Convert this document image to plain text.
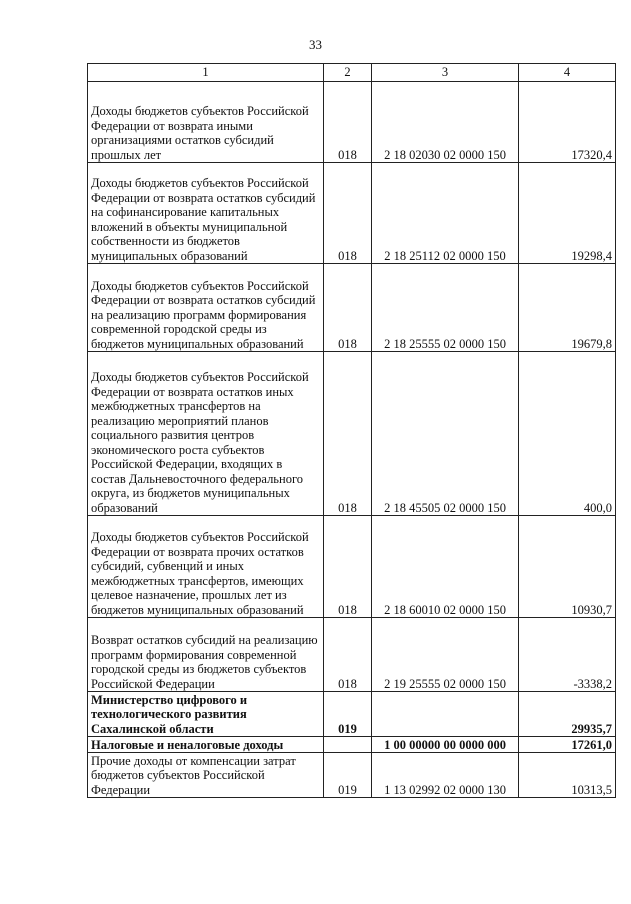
33
1	2	3	4
Доходы бюджетов субъектов Российской Федерации от возврата иными организациями остатков субсидий прошлых лет	018	2 18 02030 02 0000 150	17320,4
Доходы бюджетов субъектов Российской Федерации от возврата остатков субсидий на софинансирование капитальных вложений в объекты муниципальной собственности из бюджетов муниципальных образований	018	2 18 25112 02 0000 150	19298,4
Доходы бюджетов субъектов Российской Федерации от возврата остатков субсидий на реализацию программ формирования современной городской среды из бюджетов муниципальных образований	018	2 18 25555 02 0000 150	19679,8
Доходы бюджетов субъектов Российской Федерации от возврата остатков иных межбюджетных трансфертов на реализацию мероприятий планов социального развития центров экономического роста субъектов Российской Федерации, входящих в состав Дальневосточного федерального округа, из бюджетов муниципальных образований	018	2 18 45505 02 0000 150	400,0
Доходы бюджетов субъектов Российской Федерации от возврата прочих остатков субсидий, субвенций и иных межбюджетных трансфертов, имеющих целевое назначение, прошлых лет из бюджетов муниципальных образований	018	2 18 60010 02 0000 150	10930,7
Возврат остатков субсидий на реализацию программ формирования современной городской среды из бюджетов субъектов Российской Федерации	018	2 19 25555 02 0000 150	-3338,2
Министерство цифрового и технологического развития Сахалинской области	019		29935,7
Налоговые и неналоговые доходы		1 00 00000 00 0000 000	17261,0
Прочие доходы от компенсации затрат бюджетов субъектов Российской Федерации	019	1 13 02992 02 0000 130	10313,5
